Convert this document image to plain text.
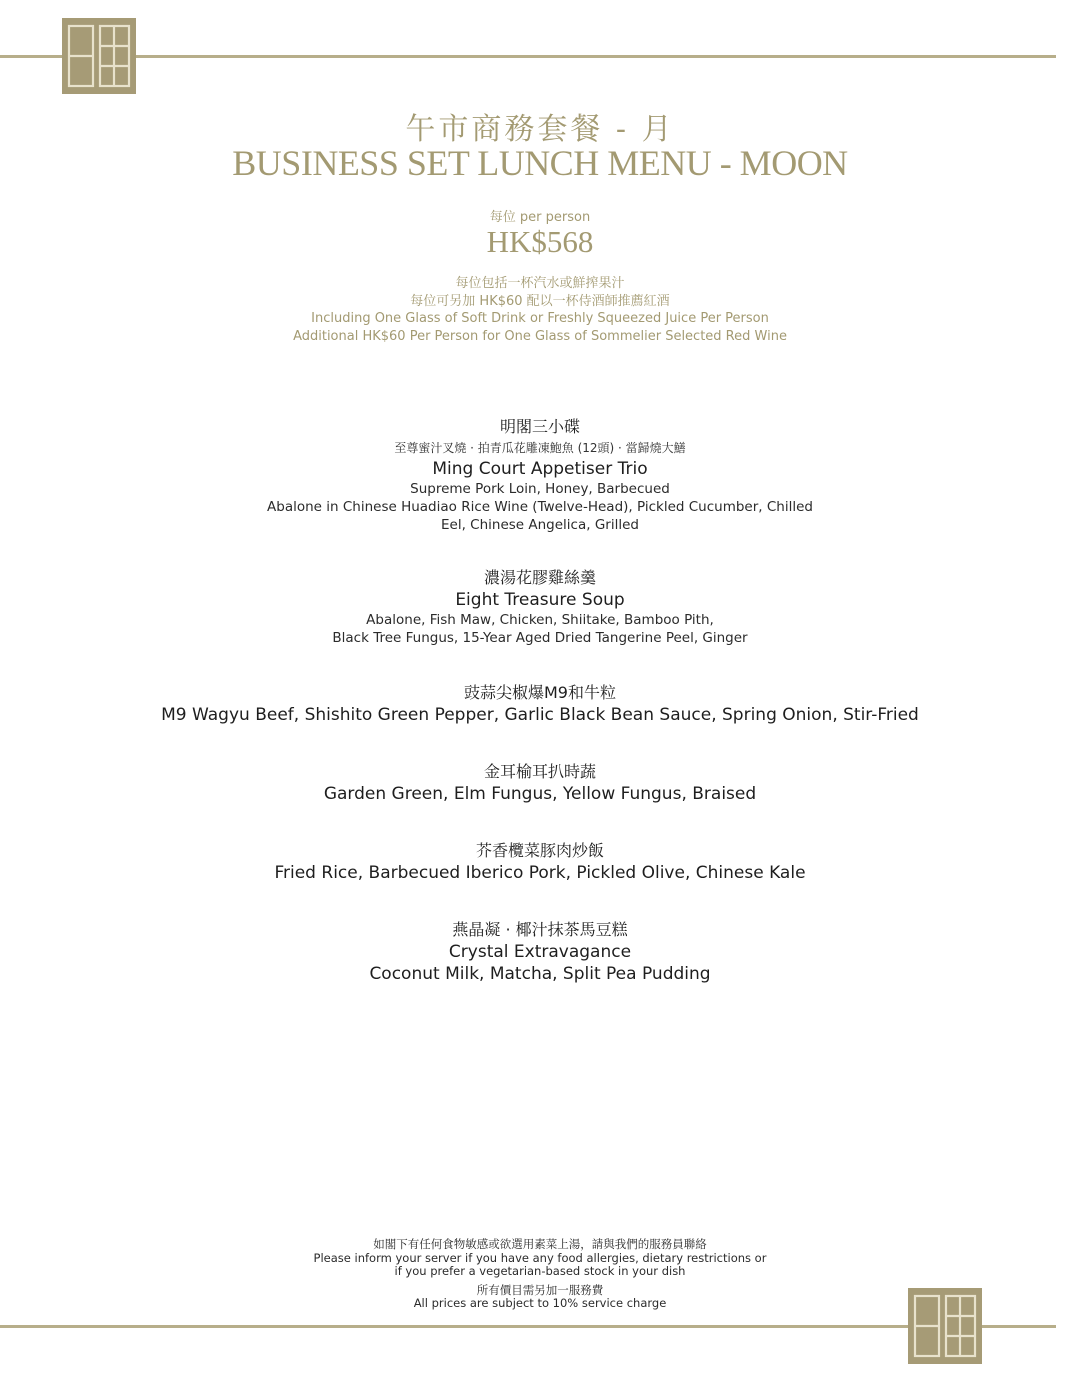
午市商務套餐 - 月
BUSINESS SET LUNCH MENU - MOON
每位 per person
HK$568
每位包括一杯汽水或鮮搾果汁
每位可另加 HK$60 配以一杯侍酒師推薦紅酒
Including One Glass of Soft Drink or Freshly Squeezed Juice Per Person
Additional HK$60 Per Person for One Glass of Sommelier Selected Red Wine
明閣三小碟
至尊蜜汁叉燒 · 拍青瓜花雕凍鮑魚 (12頭) · 當歸燒大鱔
Ming Court Appetiser Trio
Supreme Pork Loin, Honey, Barbecued
Abalone in Chinese Huadiao Rice Wine (Twelve-Head), Pickled Cucumber, Chilled
Eel, Chinese Angelica, Grilled
濃湯花膠雞絲羹
Eight Treasure Soup
Abalone, Fish Maw, Chicken, Shiitake, Bamboo Pith,
Black Tree Fungus, 15-Year Aged Dried Tangerine Peel, Ginger
豉蒜尖椒爆M9和牛粒
M9 Wagyu Beef, Shishito Green Pepper, Garlic Black Bean Sauce, Spring Onion, Stir-Fried
金耳榆耳扒時蔬
Garden Green, Elm Fungus, Yellow Fungus, Braised
芥香欖菜豚肉炒飯
Fried Rice, Barbecued Iberico Pork, Pickled Olive, Chinese Kale
燕晶凝 · 椰汁抹茶馬豆糕
Crystal Extravagance
Coconut Milk, Matcha, Split Pea Pudding
如閣下有任何食物敏感或欲選用素菜上湯，請與我們的服務員聯絡
Please inform your server if you have any food allergies, dietary restrictions or
if you prefer a vegetarian-based stock in your dish
所有價目需另加一服務費
All prices are subject to 10% service charge
